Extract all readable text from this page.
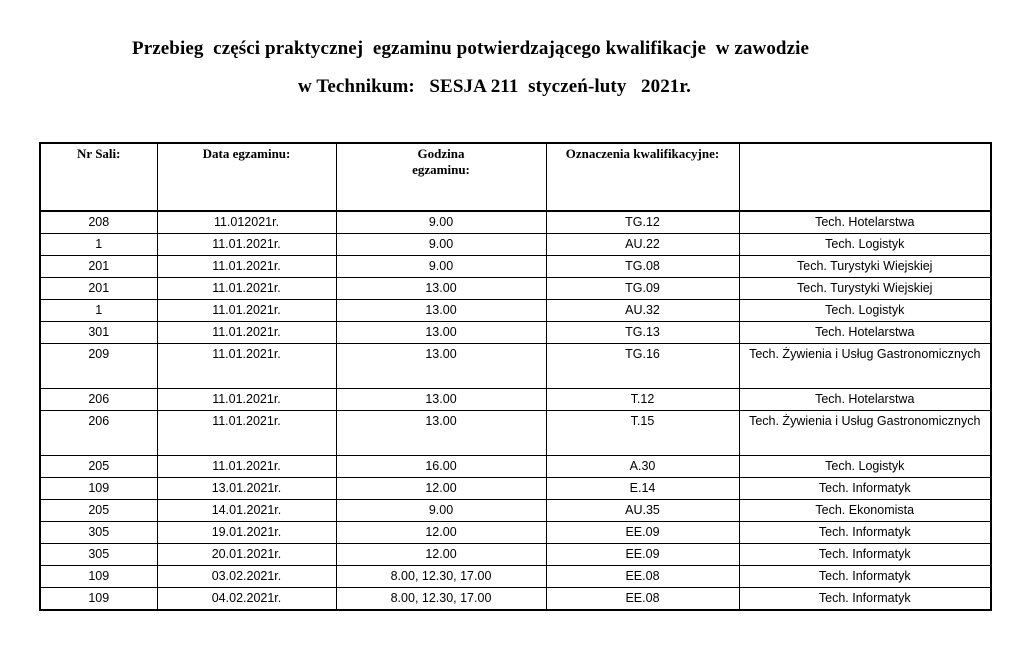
Przebieg  części praktycznej  egzaminu potwierdzającego kwalifikacje  w zawodzie
w Technikum:   SESJA 211  styczeń-luty   2021r.
Nr Sali:	Data egzaminu:	Godzina egzaminu:	Oznaczenia kwalifikacyjne:	
208	11.012021r.	9.00	TG.12	Tech. Hotelarstwa
1	11.01.2021r.	9.00	AU.22	Tech. Logistyk
201	11.01.2021r.	9.00	TG.08	Tech. Turystyki Wiejskiej
201	11.01.2021r.	13.00	TG.09	Tech. Turystyki Wiejskiej
1	11.01.2021r.	13.00	AU.32	Tech. Logistyk
301	11.01.2021r.	13.00	TG.13	Tech. Hotelarstwa
209	11.01.2021r.	13.00	TG.16	Tech. Żywienia i Usług Gastronomicznych
206	11.01.2021r.	13.00	T.12	Tech. Hotelarstwa
206	11.01.2021r.	13.00	T.15	Tech. Żywienia i Usług Gastronomicznych
205	11.01.2021r.	16.00	A.30	Tech. Logistyk
109	13.01.2021r.	12.00	E.14	Tech. Informatyk
205	14.01.2021r.	9.00	AU.35	Tech. Ekonomista
305	19.01.2021r.	12.00	EE.09	Tech. Informatyk
305	20.01.2021r.	12.00	EE.09	Tech. Informatyk
109	03.02.2021r.	8.00, 12.30, 17.00	EE.08	Tech. Informatyk
109	04.02.2021r.	8.00, 12.30, 17.00	EE.08	Tech. Informatyk
